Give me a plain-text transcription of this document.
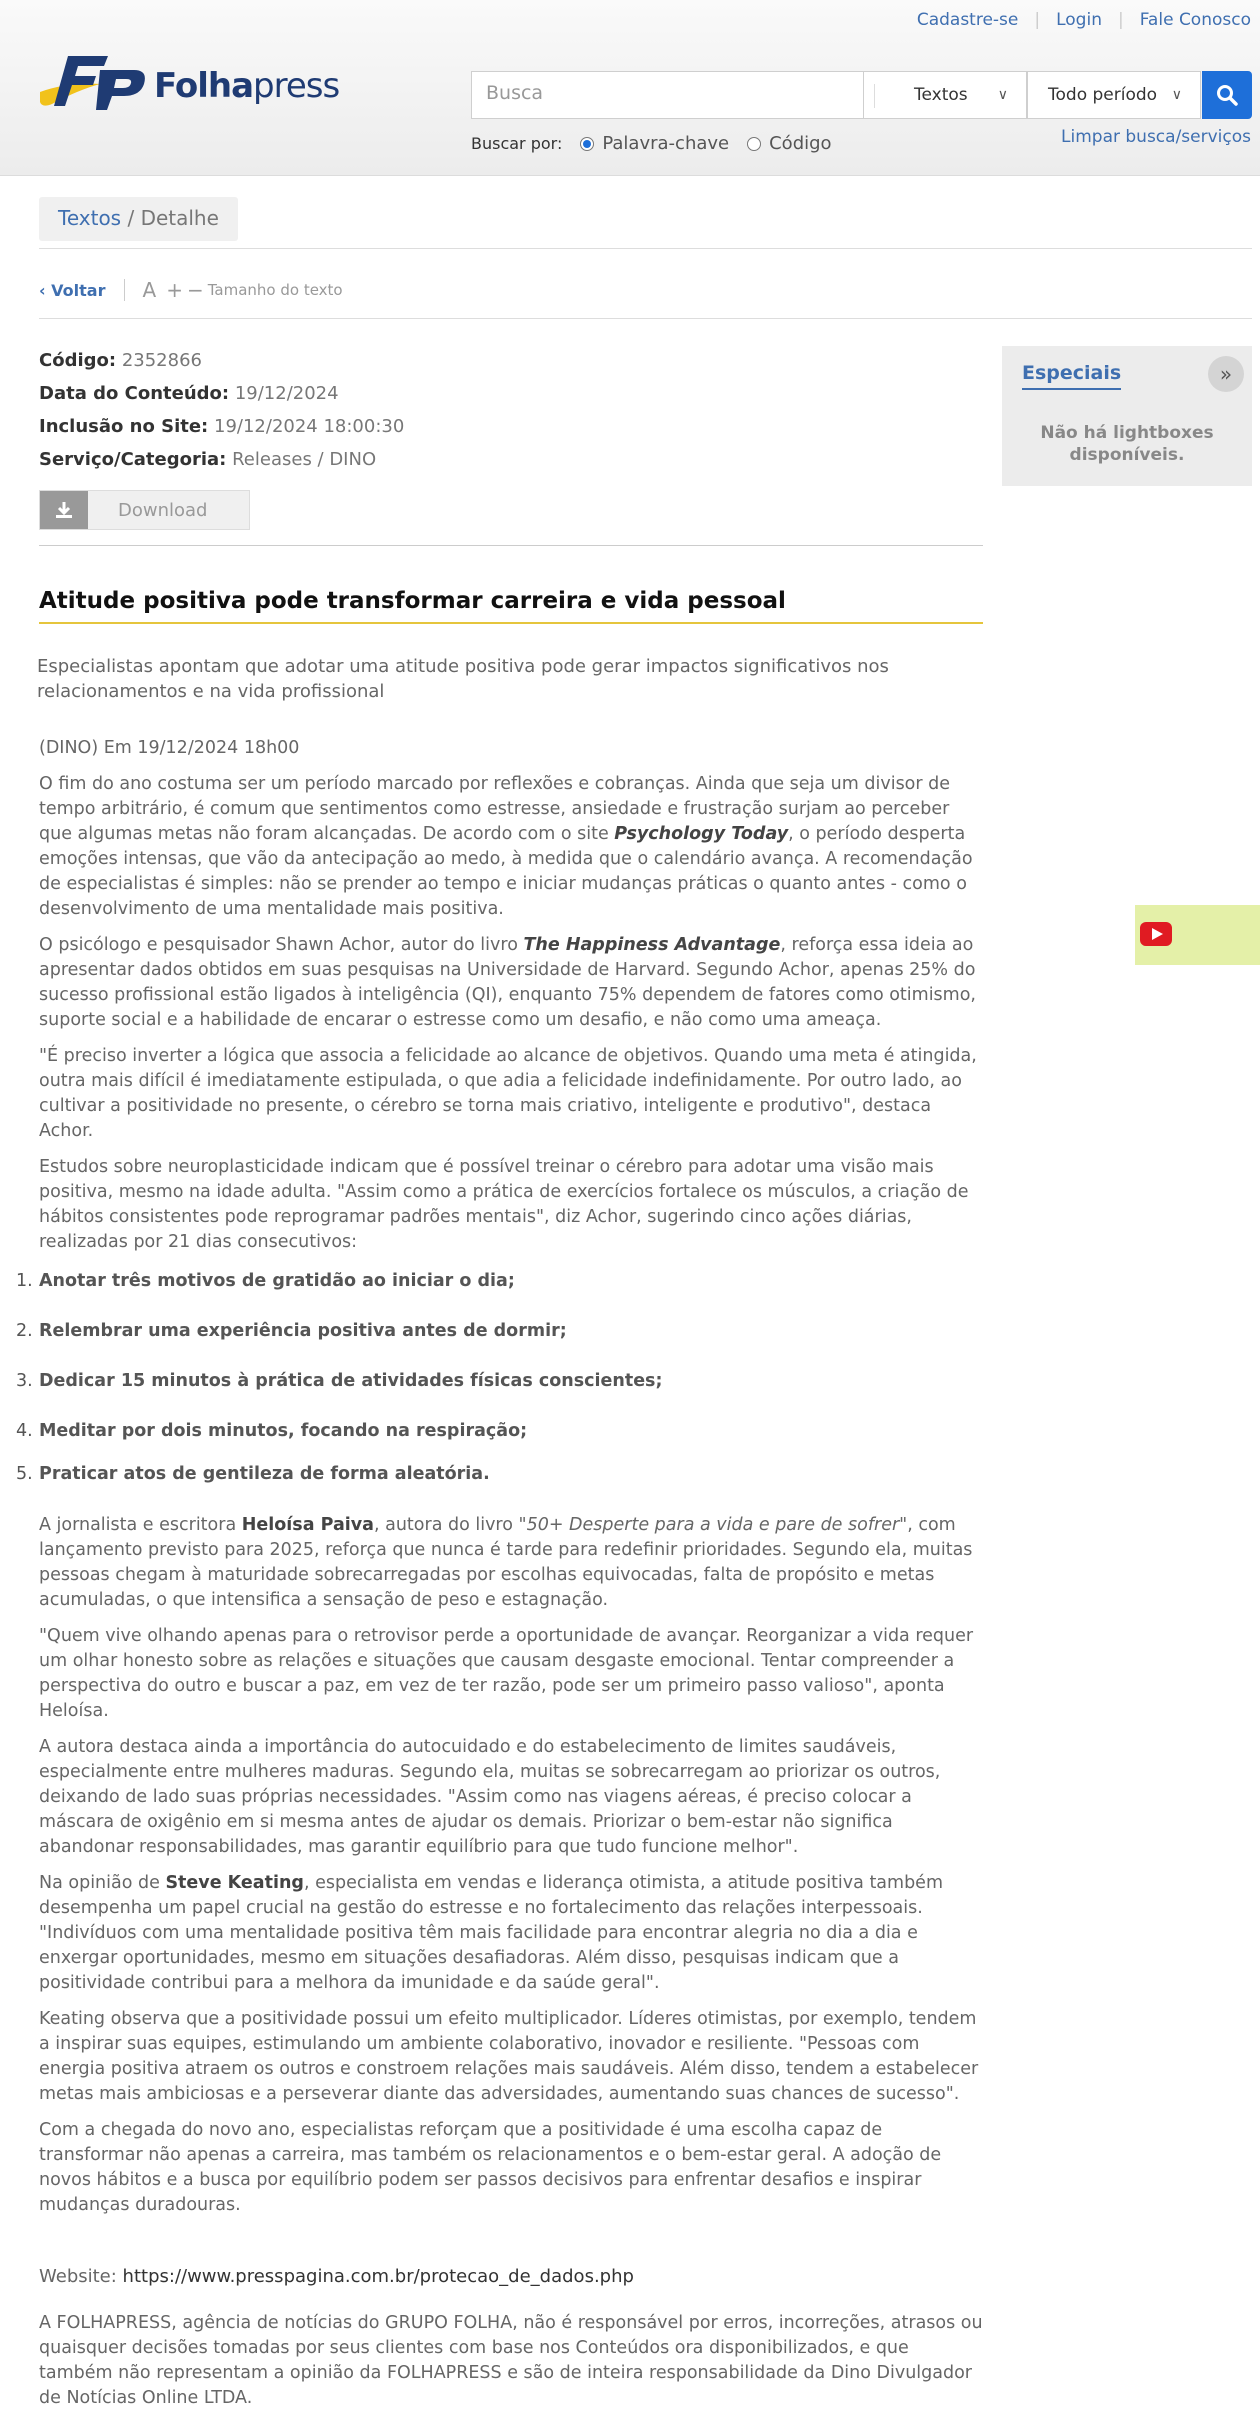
Cadastre-se | Login | Fale Conosco
Folhapress	Busca	Textos ∨	Todo período ∨
Buscar por: Palavra-chave Código	Limpar busca/serviços
Textos / Detalhe
‹ Voltar A + − Tamanho do texto
Código: 2352866
Data do Conteúdo: 19/12/2024
Inclusão no Site: 19/12/2024 18:00:30
Serviço/Categoria: Releases / DINO
Download
Especiais	»
Não há lightboxes disponíveis.
Atitude positiva pode transformar carreira e vida pessoal
Especialistas apontam que adotar uma atitude positiva pode gerar impactos significativos nos relacionamentos e na vida profissional

(DINO) Em 19/12/2024 18h00

O fim do ano costuma ser um período marcado por reflexões e cobranças. Ainda que seja um divisor de tempo arbitrário, é comum que sentimentos como estresse, ansiedade e frustração surjam ao perceber que algumas metas não foram alcançadas. De acordo com o site Psychology Today, o período desperta emoções intensas, que vão da antecipação ao medo, à medida que o calendário avança. A recomendação de especialistas é simples: não se prender ao tempo e iniciar mudanças práticas o quanto antes - como o desenvolvimento de uma mentalidade mais positiva.

O psicólogo e pesquisador Shawn Achor, autor do livro The Happiness Advantage, reforça essa ideia ao apresentar dados obtidos em suas pesquisas na Universidade de Harvard. Segundo Achor, apenas 25% do sucesso profissional estão ligados à inteligência (QI), enquanto 75% dependem de fatores como otimismo, suporte social e a habilidade de encarar o estresse como um desafio, e não como uma ameaça.

"É preciso inverter a lógica que associa a felicidade ao alcance de objetivos. Quando uma meta é atingida, outra mais difícil é imediatamente estipulada, o que adia a felicidade indefinidamente. Por outro lado, ao cultivar a positividade no presente, o cérebro se torna mais criativo, inteligente e produtivo", destaca Achor.

Estudos sobre neuroplasticidade indicam que é possível treinar o cérebro para adotar uma visão mais positiva, mesmo na idade adulta. "Assim como a prática de exercícios fortalece os músculos, a criação de hábitos consistentes pode reprogramar padrões mentais", diz Achor, sugerindo cinco ações diárias, realizadas por 21 dias consecutivos:

1. Anotar três motivos de gratidão ao iniciar o dia;
2. Relembrar uma experiência positiva antes de dormir;
3. Dedicar 15 minutos à prática de atividades físicas conscientes;
4. Meditar por dois minutos, focando na respiração;
5. Praticar atos de gentileza de forma aleatória.

A jornalista e escritora Heloísa Paiva, autora do livro "50+ Desperte para a vida e pare de sofrer", com lançamento previsto para 2025, reforça que nunca é tarde para redefinir prioridades. Segundo ela, muitas pessoas chegam à maturidade sobrecarregadas por escolhas equivocadas, falta de propósito e metas acumuladas, o que intensifica a sensação de peso e estagnação.

"Quem vive olhando apenas para o retrovisor perde a oportunidade de avançar. Reorganizar a vida requer um olhar honesto sobre as relações e situações que causam desgaste emocional. Tentar compreender a perspectiva do outro e buscar a paz, em vez de ter razão, pode ser um primeiro passo valioso", aponta Heloísa.

A autora destaca ainda a importância do autocuidado e do estabelecimento de limites saudáveis, especialmente entre mulheres maduras. Segundo ela, muitas se sobrecarregam ao priorizar os outros, deixando de lado suas próprias necessidades. "Assim como nas viagens aéreas, é preciso colocar a máscara de oxigênio em si mesma antes de ajudar os demais. Priorizar o bem-estar não significa abandonar responsabilidades, mas garantir equilíbrio para que tudo funcione melhor".

Na opinião de Steve Keating, especialista em vendas e liderança otimista, a atitude positiva também desempenha um papel crucial na gestão do estresse e no fortalecimento das relações interpessoais. "Indivíduos com uma mentalidade positiva têm mais facilidade para encontrar alegria no dia a dia e enxergar oportunidades, mesmo em situações desafiadoras. Além disso, pesquisas indicam que a positividade contribui para a melhora da imunidade e da saúde geral".

Keating observa que a positividade possui um efeito multiplicador. Líderes otimistas, por exemplo, tendem a inspirar suas equipes, estimulando um ambiente colaborativo, inovador e resiliente. "Pessoas com energia positiva atraem os outros e constroem relações mais saudáveis. Além disso, tendem a estabelecer metas mais ambiciosas e a perseverar diante das adversidades, aumentando suas chances de sucesso".

Com a chegada do novo ano, especialistas reforçam que a positividade é uma escolha capaz de transformar não apenas a carreira, mas também os relacionamentos e o bem-estar geral. A adoção de novos hábitos e a busca por equilíbrio podem ser passos decisivos para enfrentar desafios e inspirar mudanças duradouras.

Website: https://www.presspagina.com.br/protecao_de_dados.php
A FOLHAPRESS, agência de notícias do GRUPO FOLHA, não é responsável por erros, incorreções, atrasos ou quaisquer decisões tomadas por seus clientes com base nos Conteúdos ora disponibilizados, e que também não representam a opinião da FOLHAPRESS e são de inteira responsabilidade da Dino Divulgador de Notícias Online LTDA.
